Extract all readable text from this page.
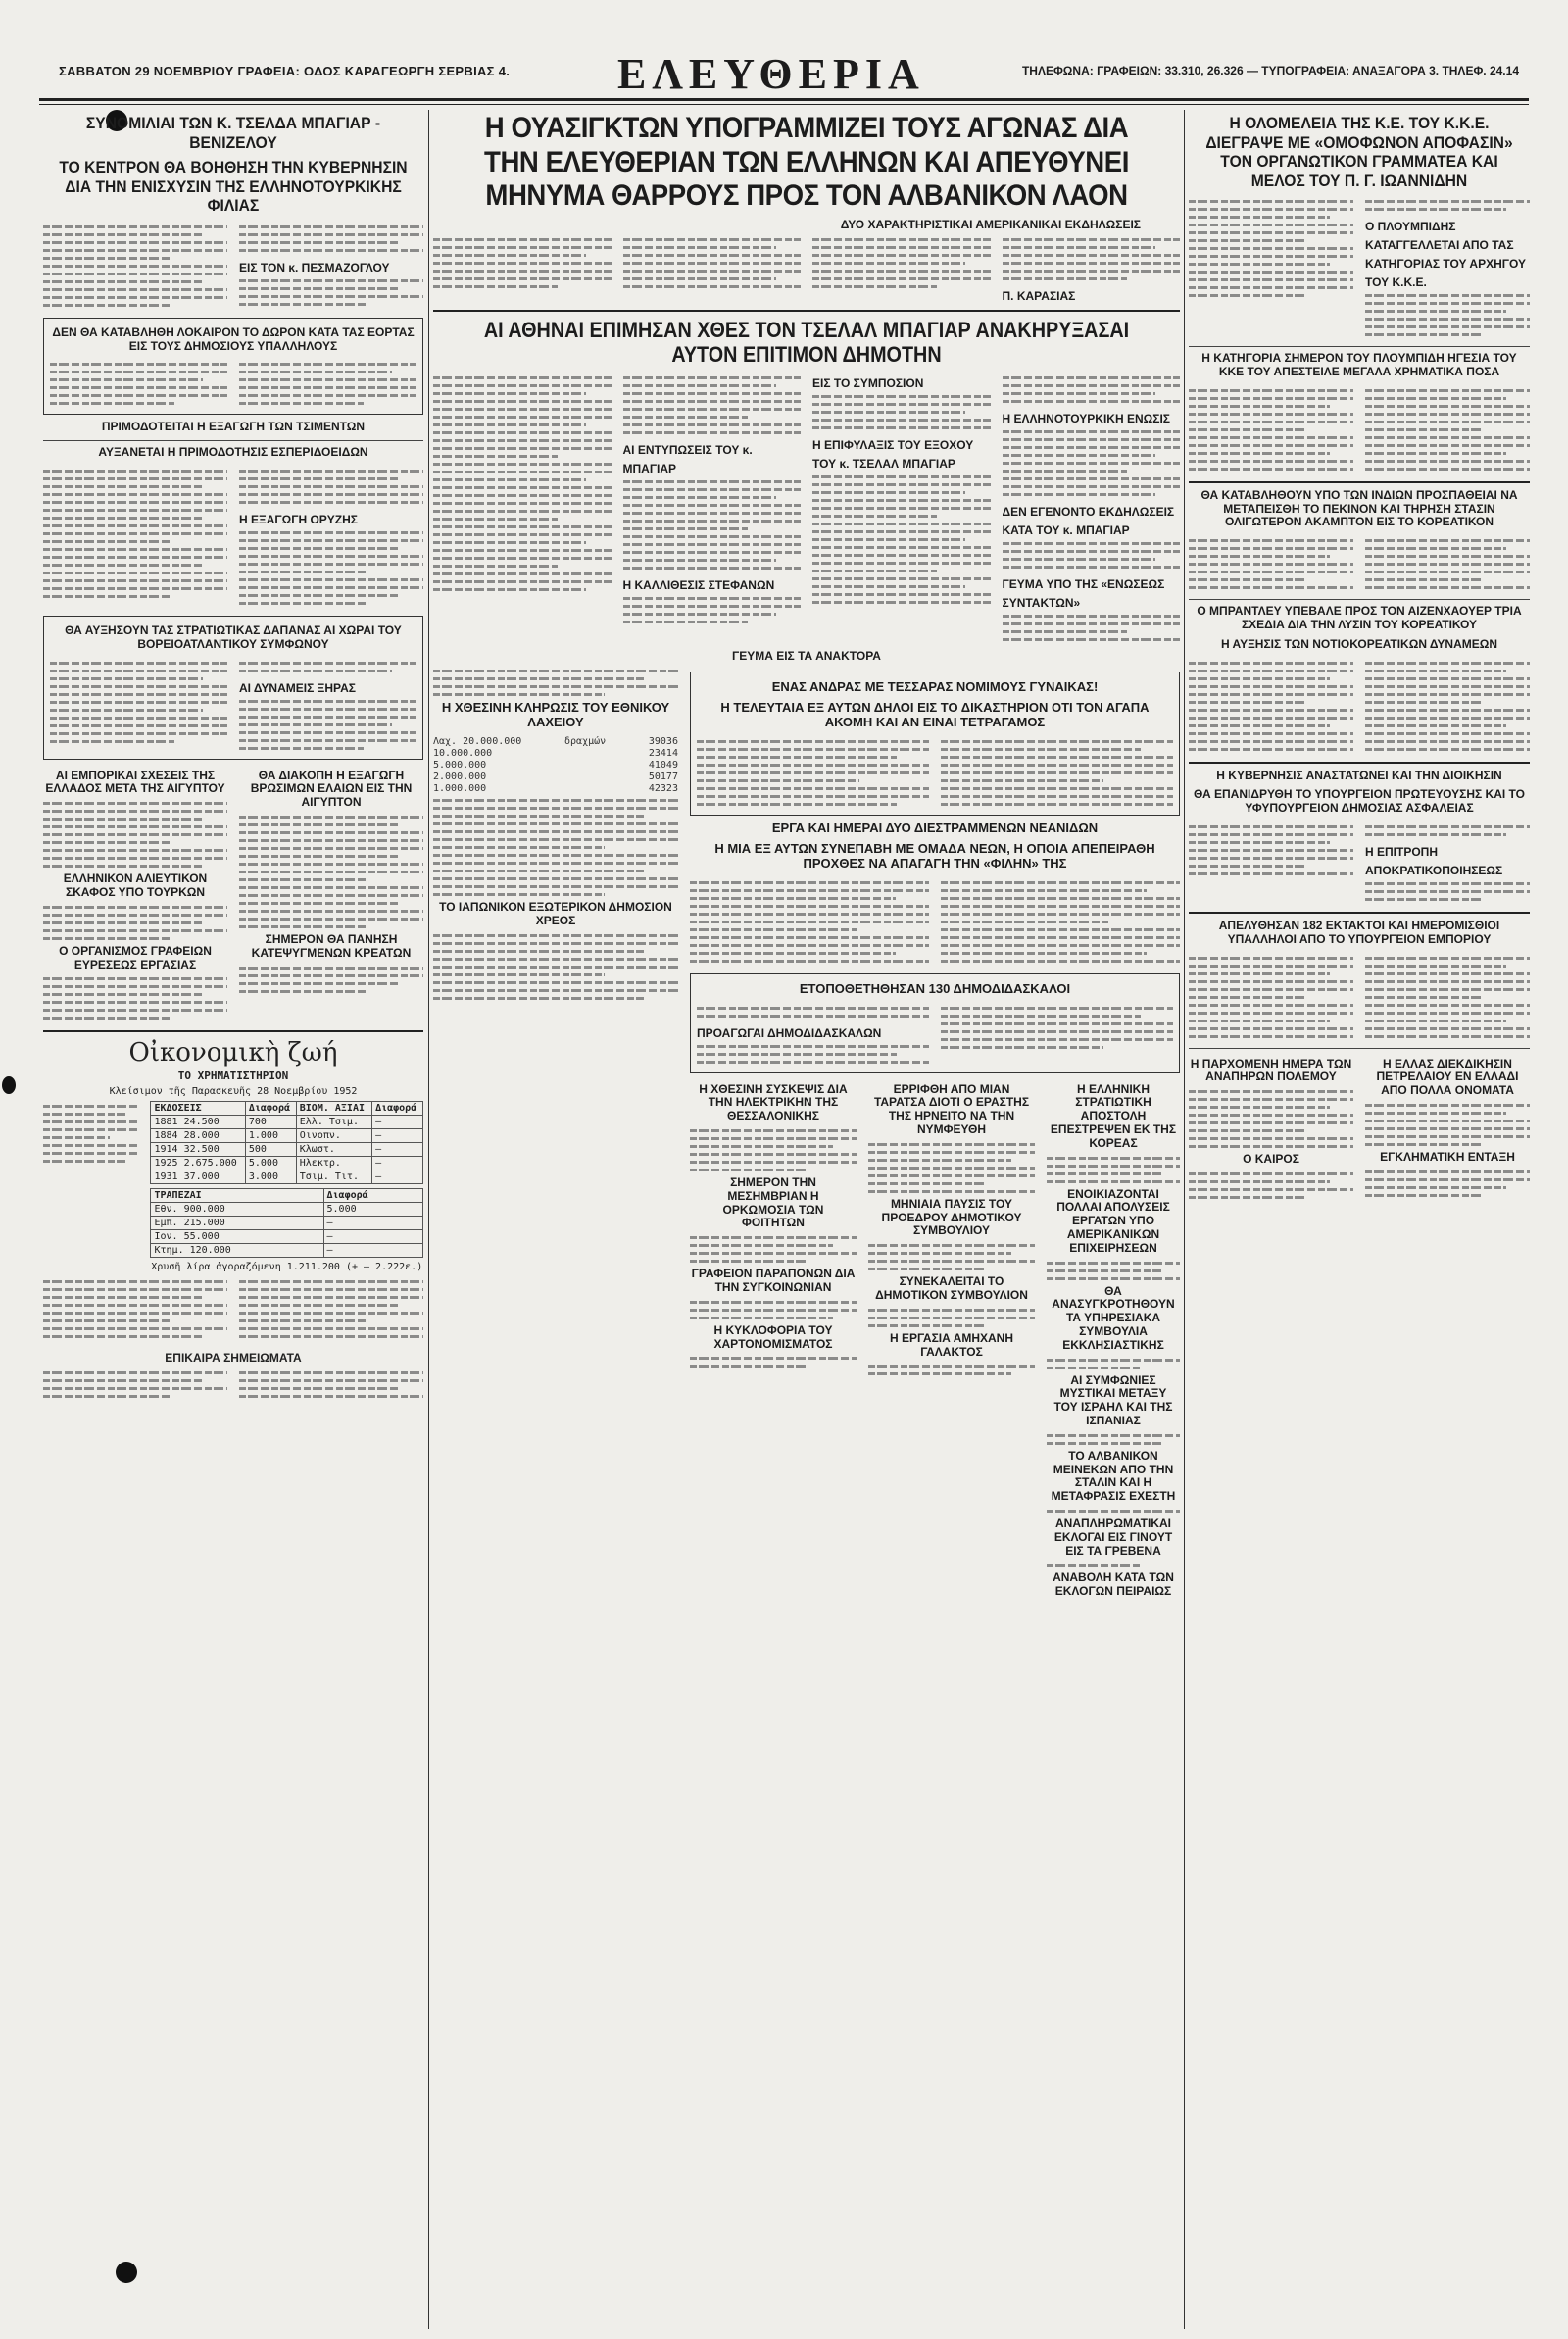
ΣΑΒΒΑΤΟΝ 29 ΝΟΕΜΒΡΙΟΥ ΓΡΑΦΕΙΑ: ΟΔΟΣ ΚΑΡΑΓΕΩΡΓΗ ΣΕΡΒΙΑΣ 4.	ΕΛΕΥΘΕΡΙΑ	ΤΗΛΕΦΩΝΑ: ΓΡΑΦΕΙΩΝ: 33.310, 26.326 — ΤΥΠΟΓΡΑΦΕΙΑ: ΑΝΑΞΑΓΟΡΑ 3. ΤΗΛΕΦ. 24.14
ΣΥΝΟΜΙΛΙΑΙ ΤΩΝ Κ. ΤΣΕΛΔΑ ΜΠΑΓΙΑΡ - ΒΕΝΙΖΕΛΟΥ
ΤΟ ΚΕΝΤΡΟΝ ΘΑ ΒΟΗΘΗΣΗ ΤΗΝ ΚΥΒΕΡΝΗΣΙΝ ΔΙΑ ΤΗΝ ΕΝΙΣΧΥΣΙΝ ΤΗΣ ΕΛΛΗΝΟΤΟΥΡΚΙΚΗΣ ΦΙΛΙΑΣ
ΕΙΣ ΤΟΝ κ. ΠΕΣΜΑΖΟΓΛΟΥ
ΔΕΝ ΘΑ ΚΑΤΑΒΛΗΘΗ ΛΟΚΑΙΡΟΝ ΤΟ ΔΩΡΟΝ ΚΑΤΑ ΤΑΣ ΕΟΡΤΑΣ ΕΙΣ ΤΟΥΣ ΔΗΜΟΣΙΟΥΣ ΥΠΑΛΛΗΛΟΥΣ
ΠΡΙΜΟΔΟΤΕΙΤΑΙ Η ΕΞΑΓΩΓΗ ΤΩΝ ΤΣΙΜΕΝΤΩΝ
ΑΥΞΑΝΕΤΑΙ Η ΠΡΙΜΟΔΟΤΗΣΙΣ ΕΣΠΕΡΙΔΟΕΙΔΩΝ
Η ΕΞΑΓΩΓΗ ΟΡΥΖΗΣ
ΘΑ ΑΥΞΗΣΟΥΝ ΤΑΣ ΣΤΡΑΤΙΩΤΙΚΑΣ ΔΑΠΑΝΑΣ ΑΙ ΧΩΡΑΙ ΤΟΥ ΒΟΡΕΙΟΑΤΛΑΝΤΙΚΟΥ ΣΥΜΦΩΝΟΥ
ΑΙ ΔΥΝΑΜΕΙΣ ΞΗΡΑΣ
ΑΙ ΕΜΠΟΡΙΚΑΙ ΣΧΕΣΕΙΣ ΤΗΣ ΕΛΛΑΔΟΣ ΜΕΤΑ ΤΗΣ ΑΙΓΥΠΤΟΥ
ΕΛΛΗΝΙΚΟΝ ΑΛΙΕΥΤΙΚΟΝ ΣΚΑΦΟΣ ΥΠΟ ΤΟΥΡΚΩΝ
Ο ΟΡΓΑΝΙΣΜΟΣ ΓΡΑΦΕΙΩΝ ΕΥΡΕΣΕΩΣ ΕΡΓΑΣΙΑΣ
ΘΑ ΔΙΑΚΟΠΗ Η ΕΞΑΓΩΓΗ ΒΡΩΣΙΜΩΝ ΕΛΑΙΩΝ ΕΙΣ ΤΗΝ ΑΙΓΥΠΤΟΝ
ΣΗΜΕΡΟΝ ΘΑ ΠΑΝΗΣΗ ΚΑΤΕΨΥΓΜΕΝΩΝ ΚΡΕΑΤΩΝ
Οἰκονομικὴ ζωή
ΤΟ ΧΡΗΜΑΤΙΣΤΗΡΙΟΝ
Κλείσιμον τῆς Παρασκευῆς 28 Νοεμβρίου 1952
ΕΚΔΟΣΕΙΣ	Διαφορά	ΒΙΟΜ. ΑΞΙΑΙ	Διαφορά
1881 24.500	700	Ελλ. Τσιμ.	—
1884 28.000	1.000	Οινοπν.	—
1914 32.500	500	Κλωστ.	—
1925 2.675.000	5.000	Ηλεκτρ.	—
1931 37.000	3.000	Τσιμ. Τιτ.	—
ΤΡΑΠΕΖΑΙ	Διαφορά
Εθν. 900.000	5.000
Εμπ. 215.000	—
Ιον. 55.000	—
Κτημ. 120.000	—
Χρυσῆ λίρα ἀγοραζόμενη 1.211.200 (+ — 2.222ε.)
ΕΠΙΚΑΙΡΑ ΣΗΜΕΙΩΜΑΤΑ
Η ΟΥΑΣΙΓΚΤΩΝ ΥΠΟΓΡΑΜΜΙΖΕΙ ΤΟΥΣ ΑΓΩΝΑΣ ΔΙΑ
ΤΗΝ ΕΛΕΥΘΕΡΙΑΝ ΤΩΝ ΕΛΛΗΝΩΝ ΚΑΙ ΑΠΕΥΘΥΝΕΙ
ΜΗΝΥΜΑ ΘΑΡΡΟΥΣ ΠΡΟΣ ΤΟΝ ΑΛΒΑΝΙΚΟΝ ΛΑΟΝ
ΔΥΟ ΧΑΡΑΚΤΗΡΙΣΤΙΚΑΙ ΑΜΕΡΙΚΑΝΙΚΑΙ ΕΚΔΗΛΩΣΕΙΣ
Π. ΚΑΡΑΣΙΑΣ
ΑΙ ΑΘΗΝΑΙ ΕΠΙΜΗΣΑΝ ΧΘΕΣ ΤΟΝ ΤΣΕΛΑΛ ΜΠΑΓΙΑΡ ΑΝΑΚΗΡΥΞΑΣΑΙ ΑΥΤΟΝ ΕΠΙΤΙΜΟΝ ΔΗΜΟΤΗΝ
ΑΙ ΕΝΤΥΠΩΣΕΙΣ ΤΟΥ κ. ΜΠΑΓΙΑΡ
Η ΚΑΛΛΙΘΕΣΙΣ ΣΤΕΦΑΝΩΝ
ΕΙΣ ΤΟ ΣΥΜΠΟΣΙΟΝ
Η ΕΠΙΦΥΛΑΞΙΣ ΤΟΥ ΕΞΟΧΟΥ ΤΟΥ κ. ΤΣΕΛΑΛ ΜΠΑΓΙΑΡ
Η ΕΛΛΗΝΟΤΟΥΡΚΙΚΗ ΕΝΩΣΙΣ
ΔΕΝ ΕΓΕΝΟΝΤΟ ΕΚΔΗΛΩΣΕΙΣ ΚΑΤΑ ΤΟΥ κ. ΜΠΑΓΙΑΡ
ΓΕΥΜΑ ΥΠΟ ΤΗΣ «ΕΝΩΣΕΩΣ ΣΥΝΤΑΚΤΩΝ»
ΓΕΥΜΑ ΕΙΣ ΤΑ ΑΝΑΚΤΟΡΑ
Η ΧΘΕΣΙΝΗ ΚΛΗΡΩΣΙΣ ΤΟΥ ΕΘΝΙΚΟΥ ΛΑΧΕΙΟΥ
Λαχ. 20.000.000	δραχμών	39036
10.000.000	23414
5.000.000	41049
2.000.000	50177
1.000.000	42323
ΤΟ ΙΑΠΩΝΙΚΟΝ ΕΞΩΤΕΡΙΚΟΝ ΔΗΜΟΣΙΟΝ ΧΡΕΟΣ
ΕΝΑΣ ΑΝΔΡΑΣ ΜΕ ΤΕΣΣΑΡΑΣ ΝΟΜΙΜΟΥΣ ΓΥΝΑΙΚΑΣ!
Η ΤΕΛΕΥΤΑΙΑ ΕΞ ΑΥΤΩΝ ΔΗΛΟΙ ΕΙΣ ΤΟ ΔΙΚΑΣΤΗΡΙΟΝ ΟΤΙ ΤΟΝ ΑΓΑΠΑ ΑΚΟΜΗ ΚΑΙ ΑΝ ΕΙΝΑΙ ΤΕΤΡΑΓΑΜΟΣ
ΕΡΓΑ ΚΑΙ ΗΜΕΡΑΙ ΔΥΟ ΔΙΕΣΤΡΑΜΜΕΝΩΝ ΝΕΑΝΙΔΩΝ
Η ΜΙΑ ΕΞ ΑΥΤΩΝ ΣΥΝΕΠΑΒΗ ΜΕ ΟΜΑΔΑ ΝΕΩΝ, Η ΟΠΟΙΑ ΑΠΕΠΕΙΡΑΘΗ ΠΡΟΧΘΕΣ ΝΑ ΑΠΑΓΑΓΗ ΤΗΝ «ΦΙΛΗΝ» ΤΗΣ
ΕΤΟΠΟΘΕΤΗΘΗΣΑΝ 130 ΔΗΜΟΔΙΔΑΣΚΑΛΟΙ
ΠΡΟΑΓΩΓΑΙ ΔΗΜΟΔΙΔΑΣΚΑΛΩΝ
Η ΧΘΕΣΙΝΗ ΣΥΣΚΕΨΙΣ ΔΙΑ ΤΗΝ ΗΛΕΚΤΡΙΚΗΝ ΤΗΣ ΘΕΣΣΑΛΟΝΙΚΗΣ
ΣΗΜΕΡΟΝ ΤΗΝ ΜΕΣΗΜΒΡΙΑΝ Η ΟΡΚΩΜΟΣΙΑ ΤΩΝ ΦΟΙΤΗΤΩΝ
ΓΡΑΦΕΙΟΝ ΠΑΡΑΠΟΝΩΝ ΔΙΑ ΤΗΝ ΣΥΓΚΟΙΝΩΝΙΑΝ
Η ΚΥΚΛΟΦΟΡΙΑ ΤΟΥ ΧΑΡΤΟΝΟΜΙΣΜΑΤΟΣ
ΕΡΡΙΦΘΗ ΑΠΟ ΜΙΑΝ ΤΑΡΑΤΣΑ ΔΙΟΤΙ Ο ΕΡΑΣΤΗΣ ΤΗΣ ΗΡΝΕΙΤΟ ΝΑ ΤΗΝ ΝΥΜΦΕΥΘΗ
ΜΗΝΙΑΙΑ ΠΑΥΣΙΣ ΤΟΥ ΠΡΟΕΔΡΟΥ ΔΗΜΟΤΙΚΟΥ ΣΥΜΒΟΥΛΙΟΥ
ΣΥΝΕΚΑΛΕΙΤΑΙ ΤΟ ΔΗΜΟΤΙΚΟΝ ΣΥΜΒΟΥΛΙΟΝ
Η ΕΡΓΑΣΙΑ ΑΜΗΧΑΝΗ ΓΑΛΑΚΤΟΣ
Η ΕΛΛΗΝΙΚΗ ΣΤΡΑΤΙΩΤΙΚΗ ΑΠΟΣΤΟΛΗ ΕΠΕΣΤΡΕΨΕΝ ΕΚ ΤΗΣ ΚΟΡΕΑΣ
ΕΝΟΙΚΙΑΖΟΝΤΑΙ ΠΟΛΛΑΙ ΑΠΟΛΥΣΕΙΣ ΕΡΓΑΤΩΝ ΥΠΟ ΑΜΕΡΙΚΑΝΙΚΩΝ ΕΠΙΧΕΙΡΗΣΕΩΝ
ΘΑ ΑΝΑΣΥΓΚΡΟΤΗΘΟΥΝ ΤΑ ΥΠΗΡΕΣΙΑΚΑ ΣΥΜΒΟΥΛΙΑ ΕΚΚΛΗΣΙΑΣΤΙΚΗΣ
ΑΙ ΣΥΜΦΩΝΙΕΣ ΜΥΣΤΙΚΑΙ ΜΕΤΑΞΥ ΤΟΥ ΙΣΡΑΗΛ ΚΑΙ ΤΗΣ ΙΣΠΑΝΙΑΣ
ΤΟ ΑΛΒΑΝΙΚΟΝ ΜΕΙΝΕΚΩΝ ΑΠΟ ΤΗΝ ΣΤΑΛΙΝ ΚΑΙ Η ΜΕΤΑΦΡΑΣΙΣ ΕΧΕΣΤΗ
ΑΝΑΠΛΗΡΩΜΑΤΙΚΑΙ ΕΚΛΟΓΑΙ ΕΙΣ ΓΙΝΟΥΤ ΕΙΣ ΤΑ ΓΡΕΒΕΝΑ
ΑΝΑΒΟΛΗ ΚΑΤΑ ΤΩΝ ΕΚΛΟΓΩΝ ΠΕΙΡΑΙΩΣ
Η ΟΛΟΜΕΛΕΙΑ ΤΗΣ Κ.Ε. ΤΟΥ Κ.Κ.Ε. ΔΙΕΓΡΑΨΕ ΜΕ «ΟΜΟΦΩΝΟΝ ΑΠΟΦΑΣΙΝ» ΤΟΝ ΟΡΓΑΝΩΤΙΚΟΝ ΓΡΑΜΜΑΤΕΑ ΚΑΙ ΜΕΛΟΣ ΤΟΥ Π. Γ. ΙΩΑΝΝΙΔΗΝ
Ο ΠΛΟΥΜΠΙΔΗΣ ΚΑΤΑΓΓΕΛΛΕΤΑΙ ΑΠΟ ΤΑΣ ΚΑΤΗΓΟΡΙΑΣ ΤΟΥ ΑΡΧΗΓΟΥ ΤΟΥ Κ.Κ.Ε.
Η ΚΑΤΗΓΟΡΙΑ ΣΗΜΕΡΟΝ ΤΟΥ ΠΛΟΥΜΠΙΔΗ ΗΓΕΣΙΑ ΤΟΥ ΚΚΕ ΤΟΥ ΑΠΕΣΤΕΙΛΕ ΜΕΓΑΛΑ ΧΡΗΜΑΤΙΚΑ ΠΟΣΑ
ΘΑ ΚΑΤΑΒΛΗΘΟΥΝ ΥΠΟ ΤΩΝ ΙΝΔΙΩΝ ΠΡΟΣΠΑΘΕΙΑΙ ΝΑ ΜΕΤΑΠΕΙΣΘΗ ΤΟ ΠΕΚΙΝΟΝ ΚΑΙ ΤΗΡΗΣΗ ΣΤΑΣΙΝ ΟΛΙΓΩΤΕΡΟΝ ΑΚΑΜΠΤΟΝ ΕΙΣ ΤΟ ΚΟΡΕΑΤΙΚΟΝ
Ο ΜΠΡΑΝΤΛΕΥ ΥΠΕΒΑΛΕ ΠΡΟΣ ΤΟΝ ΑΙΖΕΝΧΑΟΥΕΡ ΤΡΙΑ ΣΧΕΔΙΑ ΔΙΑ ΤΗΝ ΛΥΣΙΝ ΤΟΥ ΚΟΡΕΑΤΙΚΟΥ
Η ΑΥΞΗΣΙΣ ΤΩΝ ΝΟΤΙΟΚΟΡΕΑΤΙΚΩΝ ΔΥΝΑΜΕΩΝ
Η ΚΥΒΕΡΝΗΣΙΣ ΑΝΑΣΤΑΤΩΝΕΙ ΚΑΙ ΤΗΝ ΔΙΟΙΚΗΣΙΝ
ΘΑ ΕΠΑΝΙΔΡΥΘΗ ΤΟ ΥΠΟΥΡΓΕΙΟΝ ΠΡΩΤΕΥΟΥΣΗΣ ΚΑΙ ΤΟ ΥΦΥΠΟΥΡΓΕΙΟΝ ΔΗΜΟΣΙΑΣ ΑΣΦΑΛΕΙΑΣ
Η ΕΠΙΤΡΟΠΗ ΑΠΟΚΡΑΤΙΚΟΠΟΙΗΣΕΩΣ
ΑΠΕΛΥΘΗΣΑΝ 182 ΕΚΤΑΚΤΟΙ ΚΑΙ ΗΜΕΡΟΜΙΣΘΙΟΙ ΥΠΑΛΛΗΛΟΙ ΑΠΟ ΤΟ ΥΠΟΥΡΓΕΙΟΝ ΕΜΠΟΡΙΟΥ
Η ΠΑΡΧΟΜΕΝΗ ΗΜΕΡΑ ΤΩΝ ΑΝΑΠΗΡΩΝ ΠΟΛΕΜΟΥ
Ο ΚΑΙΡΟΣ
Η ΕΛΛΑΣ ΔΙΕΚΔΙΚΗΣΙΝ ΠΕΤΡΕΛΑΙΟΥ ΕΝ ΕΛΛΑΔΙ ΑΠΟ ΠΟΛΛΑ ΟΝΟΜΑΤΑ
ΕΓΚΛΗΜΑΤΙΚΗ ΕΝΤΑΞΗ
